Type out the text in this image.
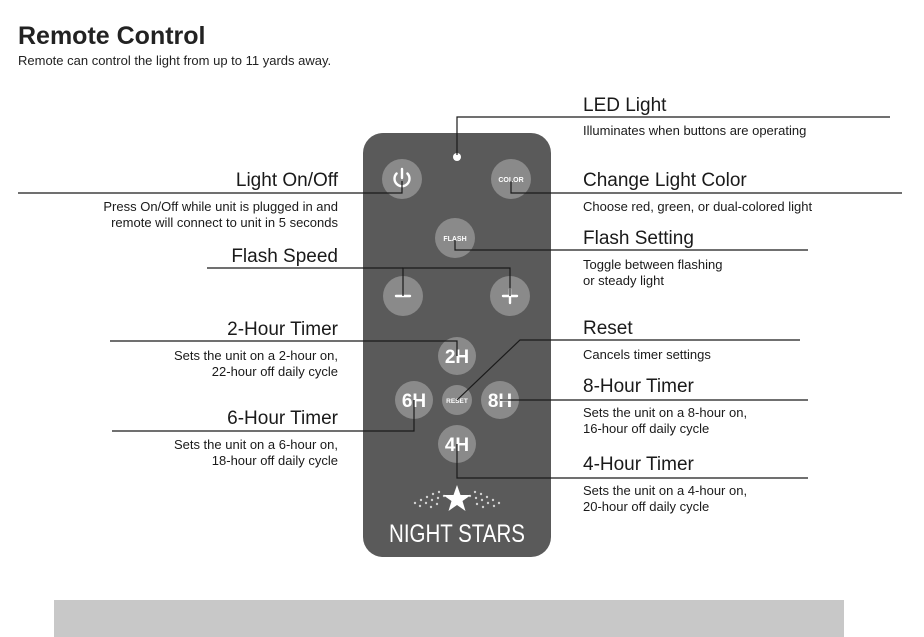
Remote Control
Remote can control the light from up to 11 yards away.
COLOR
FLASH
2H
6H	RESET 8H
4H
NIGHT STARS
LED Light
Illuminates when buttons are operating
Light On/Off
Press On/Off while unit is plugged in and
remote will connect to unit in 5 seconds
Change Light Color
Choose red, green, or dual-colored light
Flash Setting
Toggle between flashing
or steady light
Flash Speed
2-Hour Timer
Sets the unit on a 2-hour on,
22-hour off daily cycle
Reset
Cancels timer settings
8-Hour Timer
Sets the unit on a 8-hour on,
16-hour off daily cycle
6-Hour Timer
Sets the unit on a 6-hour on,
18-hour off daily cycle	4-Hour Timer
Sets the unit on a 4-hour on,
20-hour off daily cycle
